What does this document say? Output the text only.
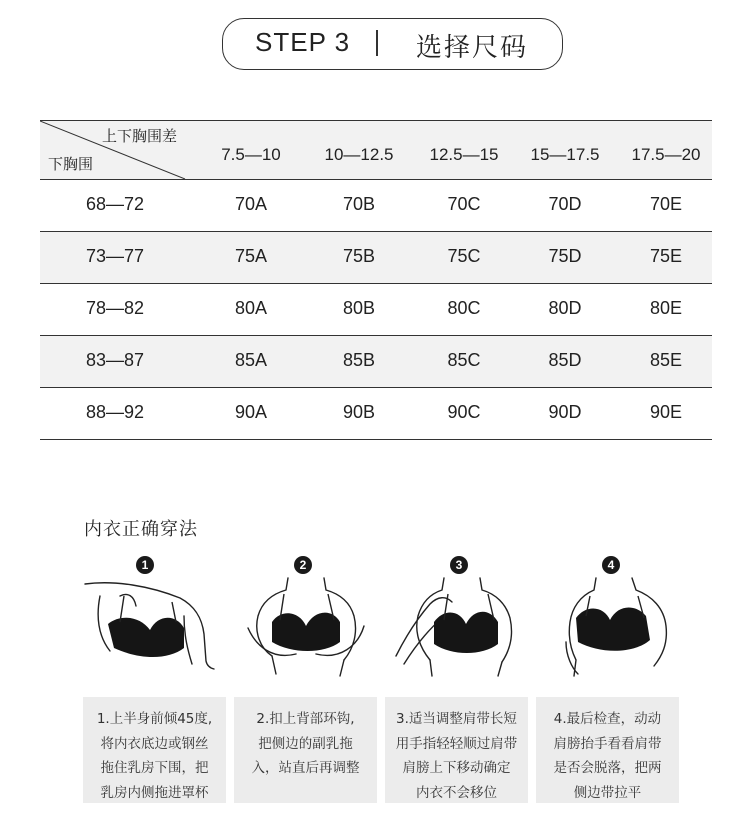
STEP 3	选择尺码
上下胸围差
下胸围	7.5—10	10—12.5	12.5—15	15—17.5	17.5—20
68—72	70A	70B	70C	70D	70E
73—77	75A	75B	75C	75D	75E
78—82	80A	80B	80C	80D	80E
83—87	85A	85B	85C	85D	85E
88—92	90A	90B	90C	90D	90E
内衣正确穿法
1	2	3	4
1.上半身前倾45度,
将内衣底边或钢丝
拖住乳房下围，把
乳房内侧拖进罩杯
2.扣上背部环钩,
把侧边的副乳拖
入，站直后再调整
3.适当调整肩带长短
用手指轻轻顺过肩带
肩膀上下移动确定
内衣不会移位
4.最后检查，动动
肩膀抬手看看肩带
是否会脱落，把两
侧边带拉平
